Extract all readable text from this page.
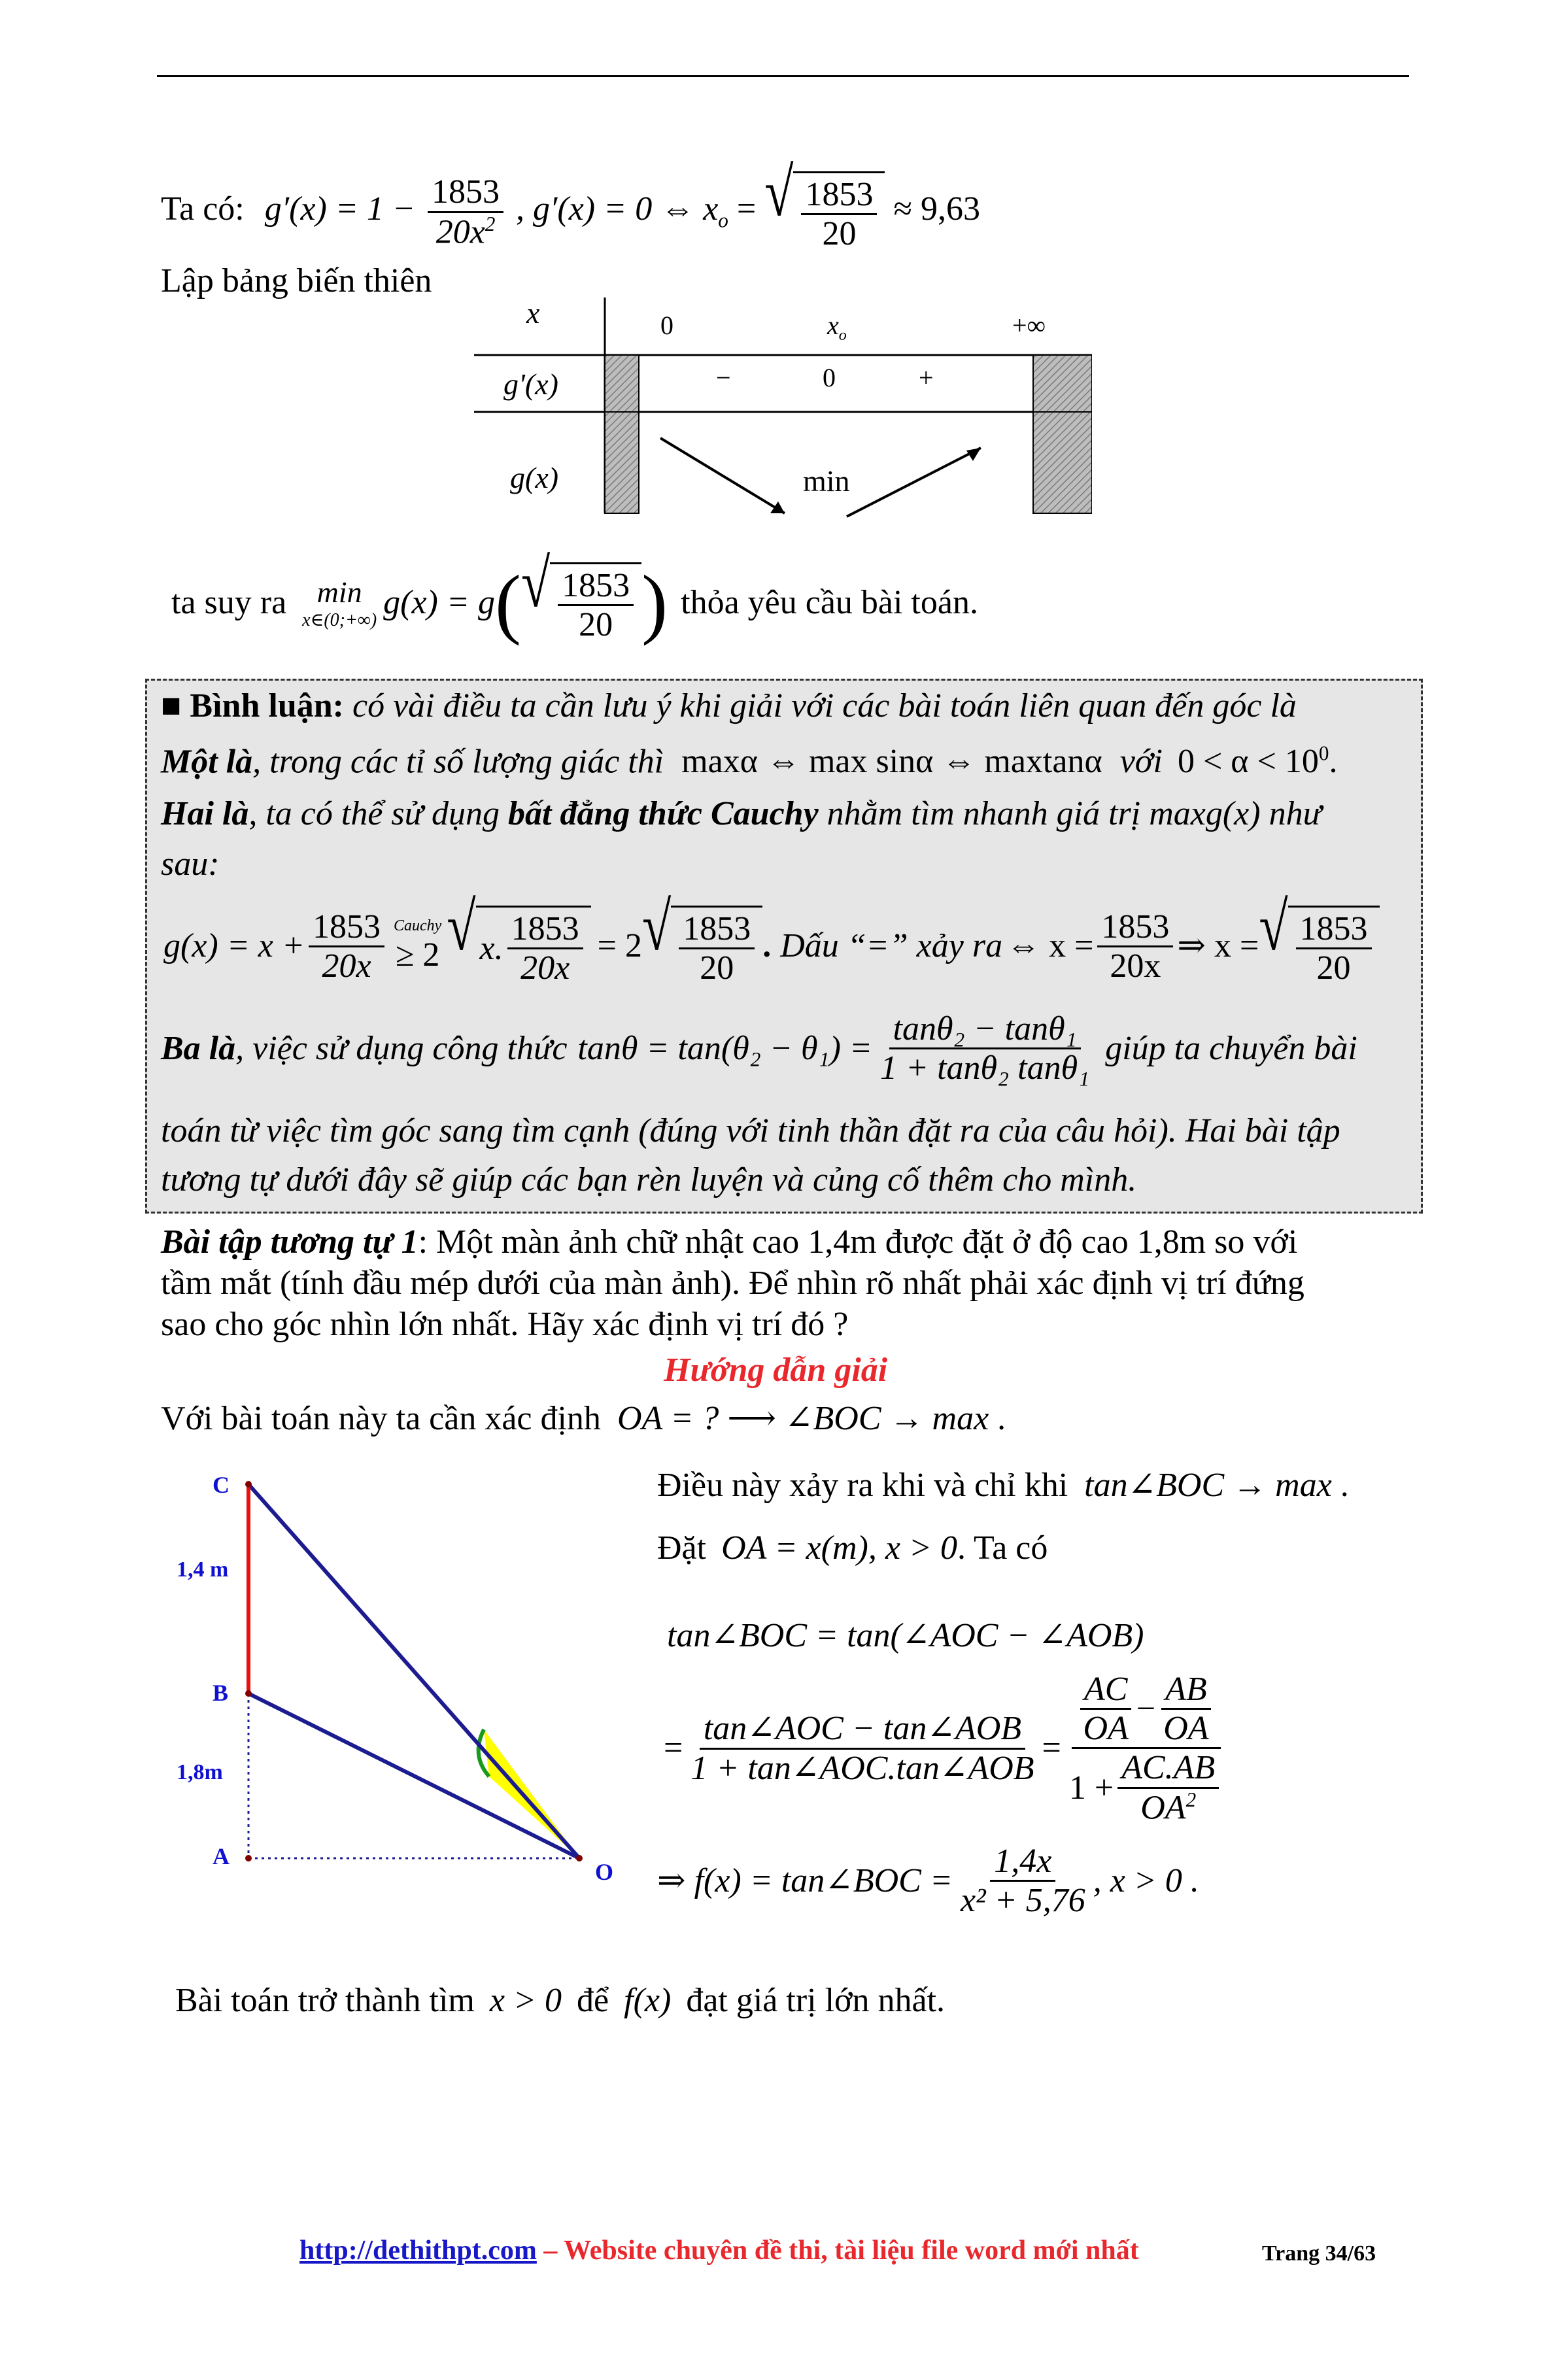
Ta có: $g'(x) = 1 - \frac{1853}{20x^2}$ , g′(x) = 0 ⇔ $x_o$ = √ $\frac{1853}{20} \approx 9,63$
Lập bảng biến thiên
x	0	$x_o$	+∞
g'(x)	−	0	+
g(x)	min
ta suy ra min
x∈(0;+∞) g(x) = g ( √ $\frac{1853}{20}$ ) thỏa yêu cầu bài toán.
■ Bình luận: có vài điều ta cần lưu ý khi giải với các bài toán liên quan đến góc là
Một là, trong các tỉ số lượng giác thì maxα ⇔ max sinα ⇔ maxtanα với $0 < \alpha < 10^0$.
Hai là, ta có thể sử dụng bất đẳng thức Cauchy nhằm tìm nhanh giá trị maxg(x) như
sau:
$g(x) = x + \frac{1853}{20x}$ Cauchy
≥ 2 √ x. $\frac{1853}{20x} = 2$ √ $\frac{1853}{20}$ . Dấu “=” xảy ra ⇔ $x = \frac{1853}{20x}$ ⇒ x = √ $\frac{1853}{20}$
Ba là , việc sử dụng công thức $\tan\theta = \tan(\theta_2 - \theta_1) = \frac{\text{tanθ₂ − tanθ₁}}{\text{1 + tanθ₂ tanθ₁}}$ giúp ta chuyển bài
toán từ việc tìm góc sang tìm cạnh (đúng với tinh thần đặt ra của câu hỏi). Hai bài tập
tương tự dưới đây sẽ giúp các bạn rèn luyện và củng cố thêm cho mình.
Bài tập tương tự 1: Một màn ảnh chữ nhật cao 1,4m được đặt ở độ cao 1,8m so với
tầm mắt (tính đầu mép dưới của màn ảnh). Để nhìn rõ nhất phải xác định vị trí đứng
sao cho góc nhìn lớn nhất. Hãy xác định vị trí đó ?
Hướng dẫn giải
Với bài toán này ta cần xác định OA = ? ⟶ ∠BOC → max .
C
B
A
O
1,4 m
1,8m
Điều này xảy ra khi và chỉ khi tan∠BOC → max .
Đặt OA = x(m), x > 0. Ta có
tan∠BOC = tan(∠AOC − ∠AOB)
= $\frac{\text{tan∠AOC − tan∠AOB}}{\text{1 + tan∠AOC.tan∠AOB}} = \frac{\frac{AC}{OA} - \frac{AB}{OA}}{1 + \frac{AC.AB}{OA^2}}$
⇒ f(x) = tan∠BOC = $\frac{1,4x}{\text{x² + 5,76}}$ , x > 0 .
Bài toán trở thành tìm x > 0 để f(x) đạt giá trị lớn nhất.
http://dethithpt.com – Website chuyên đề thi, tài liệu file word mới nhất	Trang 34/63
